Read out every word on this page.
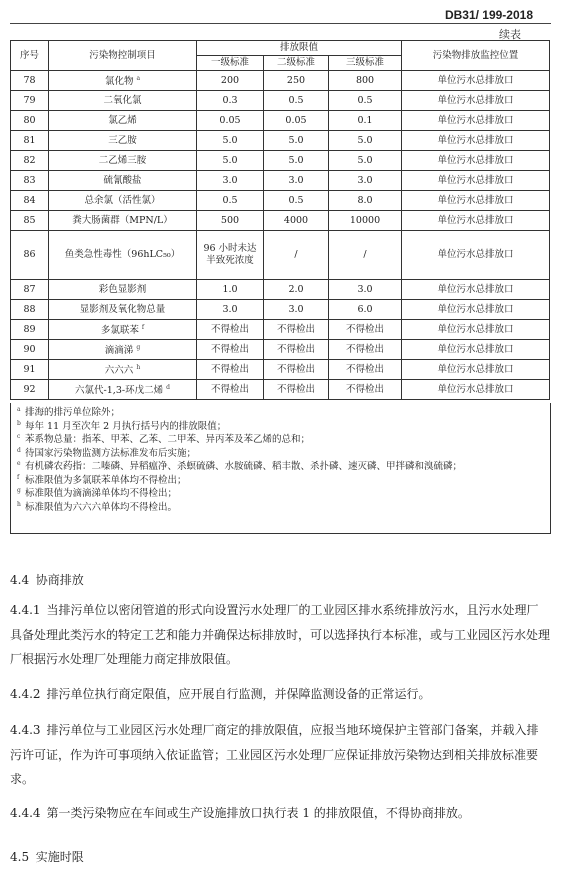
DB31/ 199-2018
续表
序号	污染物控制项目	排放限值			污染物排放监控位置
		一级标准	二级标准	三级标准	
78	氯化物 $^a$	200	250	800	单位污水总排放口
79	二氧化氯	0.3	0.5	0.5	单位污水总排放口
80	氯乙烯	0.05	0.05	0.1	单位污水总排放口
81	三乙胺	5.0	5.0	5.0	单位污水总排放口
82	二乙烯三胺	5.0	5.0	5.0	单位污水总排放口
83	硫氰酸盐	3.0	3.0	3.0	单位污水总排放口
84	总余氯（活性氯）	0.5	0.5	8.0	单位污水总排放口
85	粪大肠菌群（MPN/L）	500	4000	10000	单位污水总排放口
86	鱼类急性毒性（96hLC₅₀）	96 小时未达半致死浓度	/	/	单位污水总排放口
87	彩色显影剂	1.0	2.0	3.0	单位污水总排放口
88	显影剂及氧化物总量	3.0	3.0	6.0	单位污水总排放口
89	多氯联苯 $^f$	不得检出	不得检出	不得检出	单位污水总排放口
90	滴滴涕 $^g$	不得检出	不得检出	不得检出	单位污水总排放口
91	六六六 $^h$	不得检出	不得检出	不得检出	单位污水总排放口
92	六氯代-1,3-环戊二烯 $^d$	不得检出	不得检出	不得检出	单位污水总排放口
a 排海的排污单位除外；
b 每年 11 月至次年 2 月执行括号内的排放限值；
c 苯系物总量：指苯、甲苯、乙苯、二甲苯、异丙苯及苯乙烯的总和；
d 待国家污染物监测方法标准发布后实施；
e 有机磷农药指：二嗪磷、异稻瘟净、杀螟硫磷、水胺硫磷、稻丰散、杀扑磷、速灭磷、甲拌磷和溴硫磷；
f 标准限值为多氯联苯单体均不得检出；
g 标准限值为滴滴涕单体均不得检出；
h 标准限值为六六六单体均不得检出。
4.4 协商排放
4.4.1 当排污单位以密闭管道的形式向设置污水处理厂的工业园区排水系统排放污水，且污水处理厂具备处理此类污水的特定工艺和能力并确保达标排放时，可以选择执行本标准，或与工业园区污水处理厂根据污水处理厂处理能力商定排放限值。
4.4.2 排污单位执行商定限值，应开展自行监测，并保障监测设备的正常运行。
4.4.3 排污单位与工业园区污水处理厂商定的排放限值，应报当地环境保护主管部门备案，并载入排污许可证，作为许可事项纳入依证监管；工业园区污水处理厂应保证排放污染物达到相关排放标准要求。
4.4.4 第一类污染物应在车间或生产设施排放口执行表 1 的排放限值，不得协商排放。
4.5 实施时限
